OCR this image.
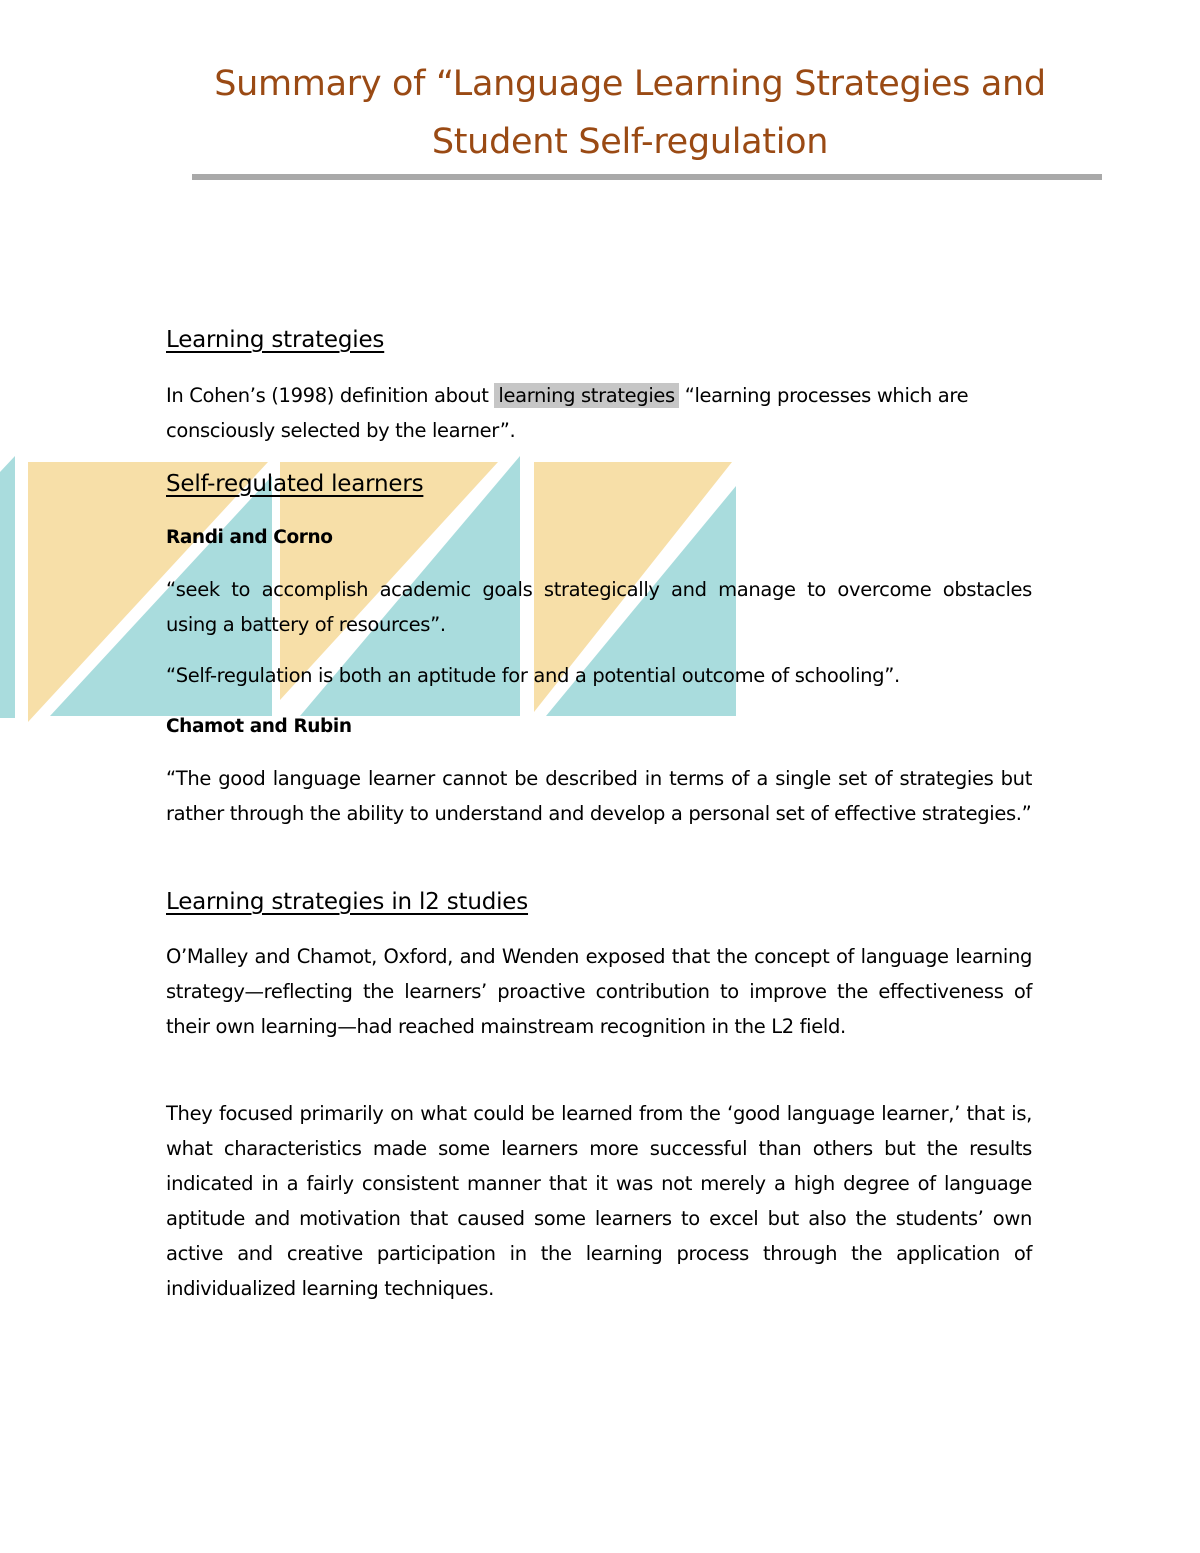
Summary of “Language Learning Strategies and
Student Self-regulation
Learning strategies

In Cohen’s (1998) definition about learning strategies “learning processes which are consciously selected by the learner”.

Self-regulated learners
Randi and Corno

“seek to accomplish academic goals strategically and manage to overcome obstacles using a battery of resources”.

“Self-regulation is both an aptitude for and a potential outcome of schooling”.

Chamot and Rubin

“The good language learner cannot be described in terms of a single set of strategies but rather through the ability to understand and develop a personal set of effective strategies.”

Learning strategies in l2 studies

O’Malley and Chamot, Oxford, and Wenden exposed that the concept of language learning strategy—reflecting the learners’ proactive contribution to improve the effectiveness of their own learning—had reached mainstream recognition in the L2 field.

They focused primarily on what could be learned from the ‘good language learner,’ that is, what characteristics made some learners more successful than others but the results indicated in a fairly consistent manner that it was not merely a high degree of language aptitude and motivation that caused some learners to excel but also the students’ own active and creative participation in the learning process through the application of individualized learning techniques.
